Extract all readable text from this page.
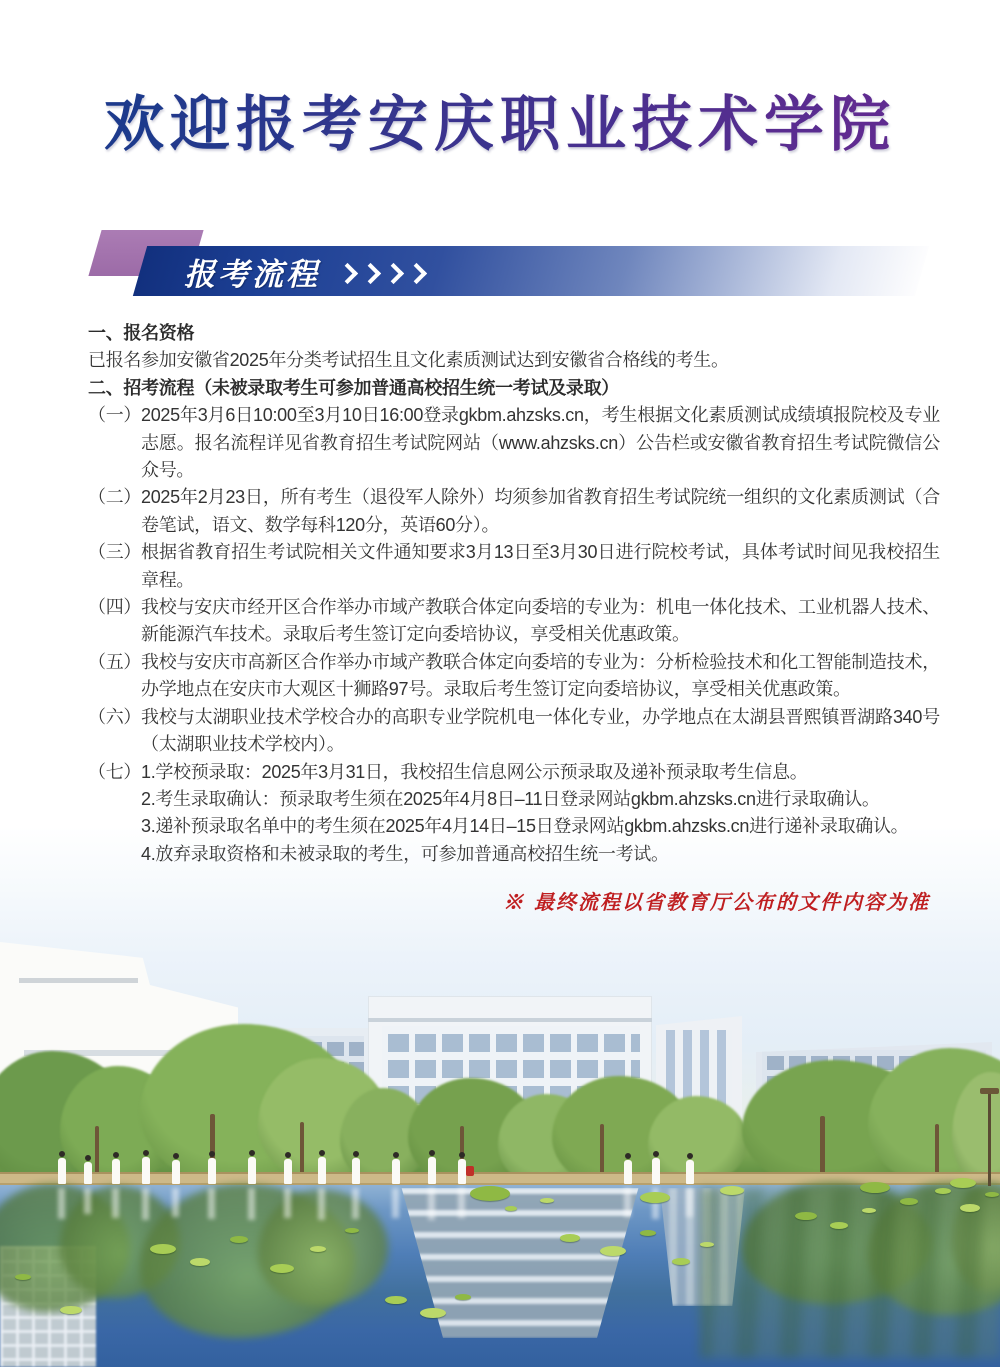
欢迎报考安庆职业技术学院
报考流程

一、报名资格

已报名参加安徽省2025年分类考试招生且文化素质测试达到安徽省合格线的考生。

二、招考流程（未被录取考生可参加普通高校招生统一考试及录取）

（一） 2025年3月6日10:00至3月10日16:00登录gkbm.ahzsks.cn，考生根据文化素质测试成绩填报院校及专业志愿。报名流程详见省教育招生考试院网站（www.ahzsks.cn）公告栏或安徽省教育招生考试院微信公众号。
（二） 2025年2月23日，所有考生（退役军人除外）均须参加省教育招生考试院统一组织的文化素质测试（合卷笔试，语文、数学每科120分，英语60分）。
（三） 根据省教育招生考试院相关文件通知要求3月13日至3月30日进行院校考试，具体考试时间见我校招生章程。
（四） 我校与安庆市经开区合作举办市域产教联合体定向委培的专业为：机电一体化技术、工业机器人技术、新能源汽车技术。录取后考生签订定向委培协议，享受相关优惠政策。
（五） 我校与安庆市高新区合作举办市域产教联合体定向委培的专业为：分析检验技术和化工智能制造技术，办学地点在安庆市大观区十狮路97号。录取后考生签订定向委培协议，享受相关优惠政策。
（六） 我校与太湖职业技术学校合办的高职专业学院机电一体化专业，办学地点在太湖县晋熙镇晋湖路340号（太湖职业技术学校内）。
（七） 1.学校预录取：2025年3月31日，我校招生信息网公示预录取及递补预录取考生信息。
2.考生录取确认：预录取考生须在2025年4月8日–11日登录网站gkbm.ahzsks.cn进行录取确认。
3.递补预录取名单中的考生须在2025年4月14日–15日登录网站gkbm.ahzsks.cn进行递补录取确认。
4.放弃录取资格和未被录取的考生，可参加普通高校招生统一考试。

※ 最终流程以省教育厅公布的文件内容为准
